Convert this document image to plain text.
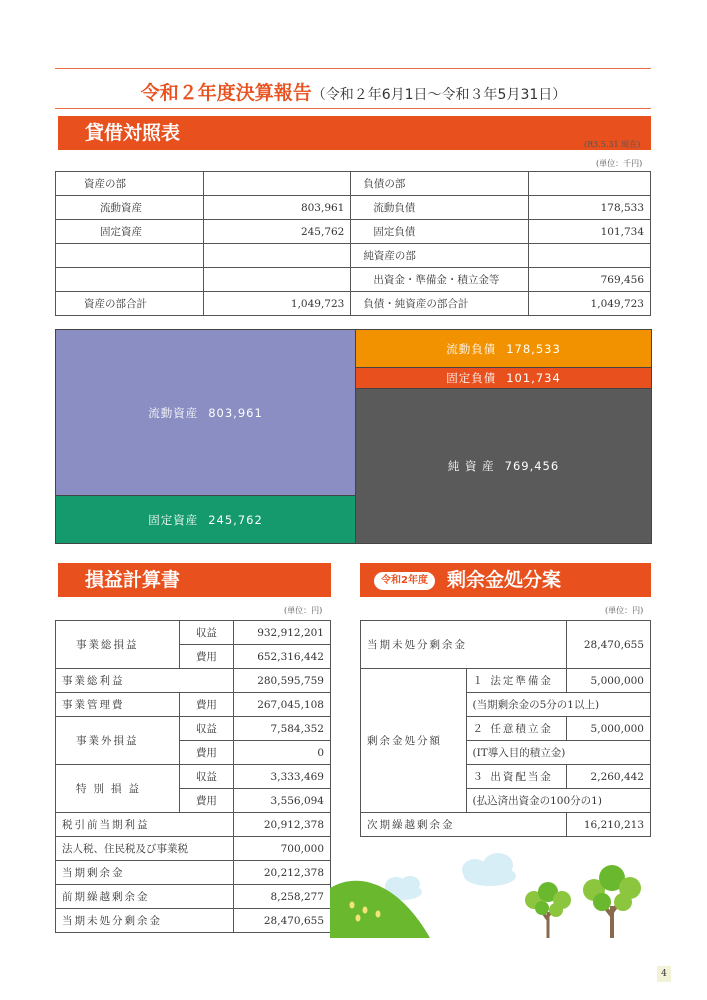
令和２年度決算報告（令和２年6月1日〜令和３年5月31日）
貸借対照表
(R3.5.31 現在)
(単位：千円)
資産の部		負債の部	
流動資産	803,961	流動負債	178,533
固定資産	245,762	固定負債	101,734
		純資産の部	
		出資金・準備金・積立金等	769,456
資産の部合計	1,049,723	負債・純資産の部合計	1,049,723
流動資産 803,961
固定資産 245,762
流動負債 178,533
固定負債 101,734
純 資 産 769,456
損益計算書
(単位：円)
事業総損益	収益	932,912,201
	費用	652,316,442
事業総利益		280,595,759
事業管理費	費用	267,045,108
事業外損益	収益	7,584,352
	費用	0
特別損益	収益	3,333,469
	費用	3,556,094
税引前当期利益		20,912,378
法人税、住民税及び事業税		700,000
当期剰余金		20,212,378
前期繰越剰余金		8,258,277
当期未処分剰余金		28,470,655
令和2年度 剰余金処分案
(単位：円)
当期未処分剰余金		28,470,655
剰余金処分額	１ 法定準備金	5,000,000
	(当期剰余金の5分の1以上)	
	２ 任意積立金	5,000,000
	(IT導入目的積立金)	
	３ 出資配当金	2,260,442
	(払込済出資金の100分の1)	
次期繰越剰余金		16,210,213
4
